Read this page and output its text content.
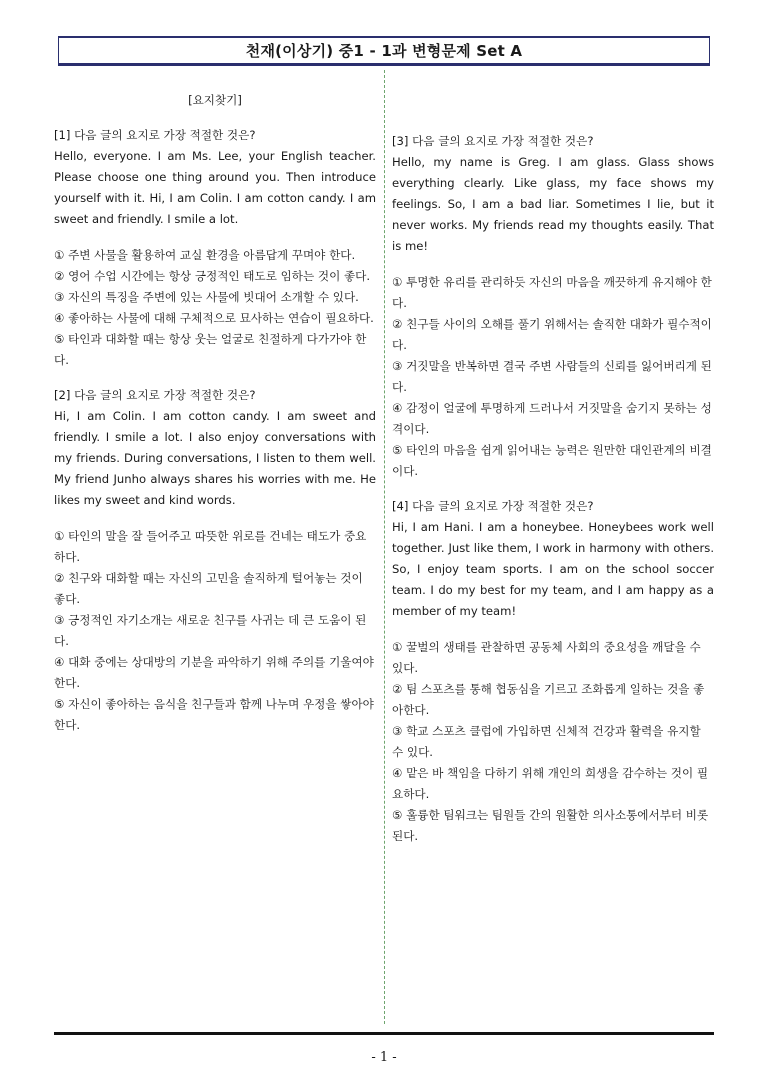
천재(이상기) 중1 - 1과 변형문제 Set A

[요지찾기]

[1] 다음 글의 요지로 가장 적절한 것은?

Hello, everyone. I am Ms. Lee, your English teacher. Please choose one thing around you. Then introduce yourself with it. Hi, I am Colin. I am cotton candy. I am sweet and friendly. I smile a lot.

① 주변 사물을 활용하여 교실 환경을 아름답게 꾸며야 한다.
② 영어 수업 시간에는 항상 긍정적인 태도로 임하는 것이 좋다.
③ 자신의 특징을 주변에 있는 사물에 빗대어 소개할 수 있다.
④ 좋아하는 사물에 대해 구체적으로 묘사하는 연습이 필요하다.
⑤ 타인과 대화할 때는 항상 웃는 얼굴로 친절하게 다가가야 한다.

[2] 다음 글의 요지로 가장 적절한 것은?

Hi, I am Colin. I am cotton candy. I am sweet and friendly. I smile a lot. I also enjoy conversations with my friends. During conversations, I listen to them well. My friend Junho always shares his worries with me. He likes my sweet and kind words.

① 타인의 말을 잘 들어주고 따뜻한 위로를 건네는 태도가 중요하다.
② 친구와 대화할 때는 자신의 고민을 솔직하게 털어놓는 것이 좋다.
③ 긍정적인 자기소개는 새로운 친구를 사귀는 데 큰 도움이 된다.
④ 대화 중에는 상대방의 기분을 파악하기 위해 주의를 기울여야 한다.
⑤ 자신이 좋아하는 음식을 친구들과 함께 나누며 우정을 쌓아야 한다.

[3] 다음 글의 요지로 가장 적절한 것은?

Hello, my name is Greg. I am glass. Glass shows everything clearly. Like glass, my face shows my feelings. So, I am a bad liar. Sometimes I lie, but it never works. My friends read my thoughts easily. That is me!

① 투명한 유리를 관리하듯 자신의 마음을 깨끗하게 유지해야 한다.
② 친구들 사이의 오해를 풀기 위해서는 솔직한 대화가 필수적이다.
③ 거짓말을 반복하면 결국 주변 사람들의 신뢰를 잃어버리게 된다.
④ 감정이 얼굴에 투명하게 드러나서 거짓말을 숨기지 못하는 성격이다.
⑤ 타인의 마음을 쉽게 읽어내는 능력은 원만한 대인관계의 비결이다.

[4] 다음 글의 요지로 가장 적절한 것은?

Hi, I am Hani. I am a honeybee. Honeybees work well together. Just like them, I work in harmony with others. So, I enjoy team sports. I am on the school soccer team. I do my best for my team, and I am happy as a member of my team!

① 꿀벌의 생태를 관찰하면 공동체 사회의 중요성을 깨달을 수 있다.
② 팀 스포츠를 통해 협동심을 기르고 조화롭게 일하는 것을 좋아한다.
③ 학교 스포츠 클럽에 가입하면 신체적 건강과 활력을 유지할 수 있다.
④ 맡은 바 책임을 다하기 위해 개인의 희생을 감수하는 것이 필요하다.
⑤ 훌륭한 팀워크는 팀원들 간의 원활한 의사소통에서부터 비롯된다.
- 1 -
